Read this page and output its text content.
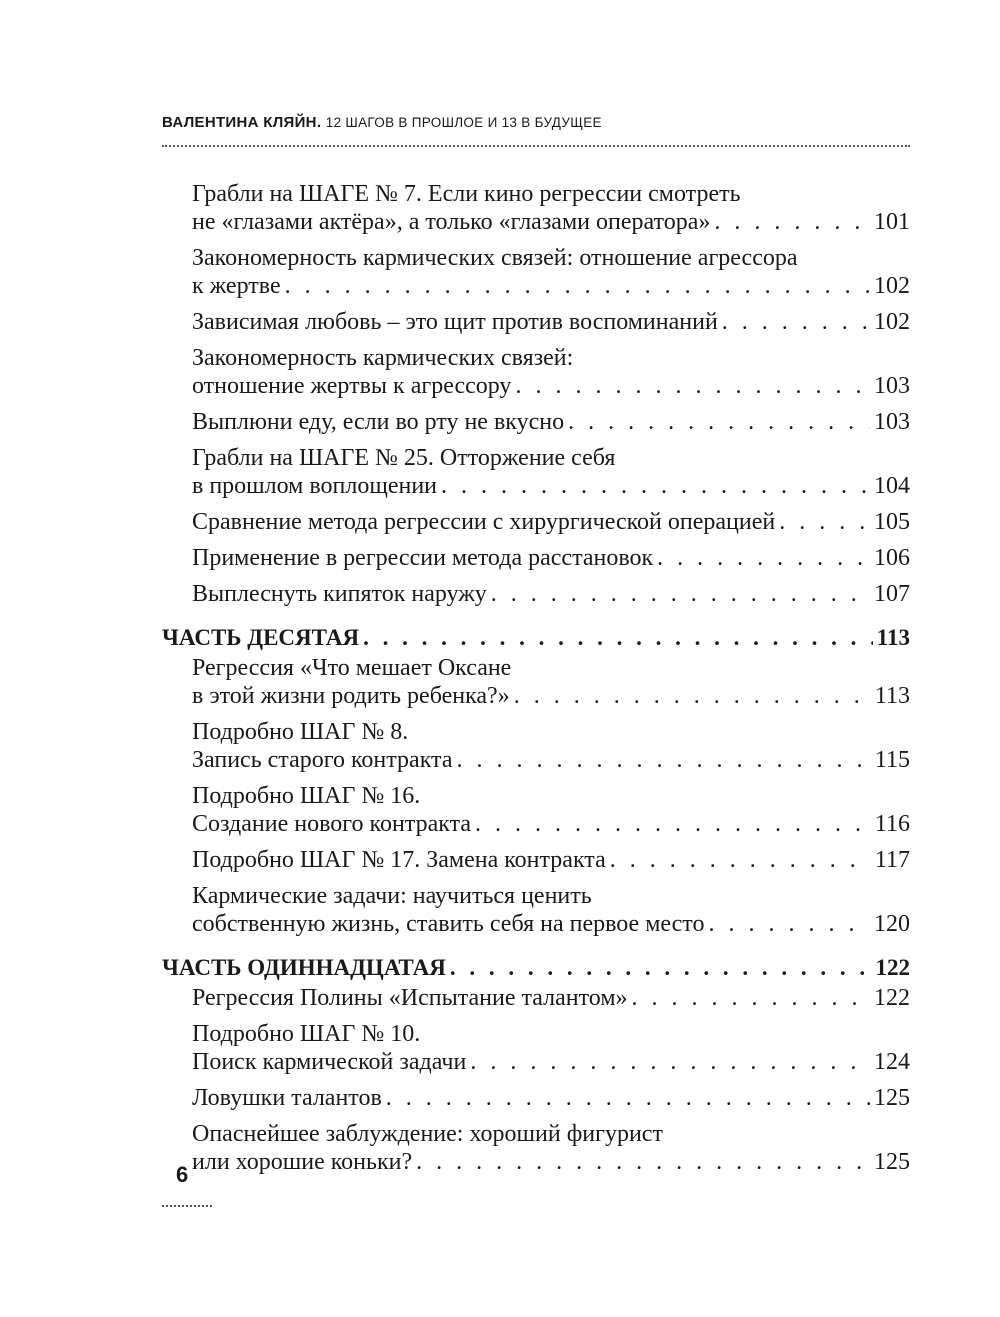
ВАЛЕНТИНА КЛЯЙН. 12 ШАГОВ В ПРОШЛОЕ И 13 В БУДУЩЕЕ
Грабли на ШАГЕ № 7. Если кино регрессии смотреть
не «глазами актёра», а только «глазами оператора» . . .	101
Закономерность кармических связей: отношение агрессора
к жертве . . .	102
Зависимая любовь – это щит против воспоминаний . . .	102
Закономерность кармических связей:
отношение жертвы к агрессору . . .	103
Выплюни еду, если во рту не вкусно . . .	103
Грабли на ШАГЕ № 25. Отторжение себя
в прошлом воплощении . . .	104
Сравнение метода регрессии с хирургической операцией . . .	105
Применение в регрессии метода расстановок . . .	106
Выплеснуть кипяток наружу . . .	107
ЧАСТЬ ДЕСЯТАЯ . . .	113
Регрессия «Что мешает Оксане
в этой жизни родить ребенка?» . . .	113
Подробно ШАГ № 8.
Запись старого контракта . . .	115
Подробно ШАГ № 16.
Создание нового контракта . . .	116
Подробно ШАГ № 17. Замена контракта . . .	117
Кармические задачи: научиться ценить
собственную жизнь, ставить себя на первое место . . .	120
ЧАСТЬ ОДИННАДЦАТАЯ . . .	122
Регрессия Полины «Испытание талантом» . . .	122
Подробно ШАГ № 10.
Поиск кармической задачи . . .	124
Ловушки талантов . . .	125
Опаснейшее заблуждение: хороший фигурист
или хорошие коньки? . . .	125
6
